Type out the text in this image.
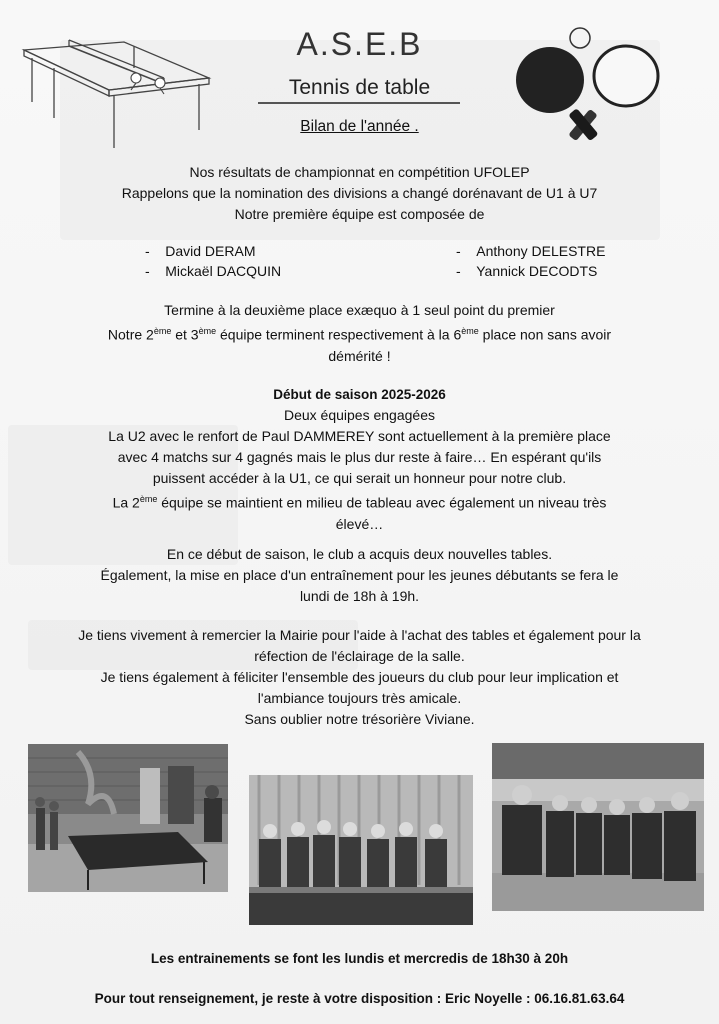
A.S.E.B
Tennis de table
Bilan de l'année .

Nos résultats de championnat en compétition UFOLEP

Rappelons que la nomination des divisions a changé dorénavant de U1 à U7

Notre première équipe est composée de

- David DERAM
- Mickaël DACQUIN
- Anthony DELESTRE
- Yannick DECODTS

Termine à la deuxième place exæquo à 1 seul point du premier

Notre 2ème et 3ème équipe terminent respectivement à la 6ème place non sans avoir

démérité !

Début de saison 2025-2026

Deux équipes engagées

La U2 avec le renfort de Paul DAMMEREY sont actuellement à la première place

avec 4 matchs sur 4 gagnés mais le plus dur reste à faire… En espérant qu'ils

puissent accéder à la U1, ce qui serait un honneur pour notre club.

La 2ème équipe se maintient en milieu de tableau avec également un niveau très

élevé…

En ce début de saison, le club a acquis deux nouvelles tables.

Également, la mise en place d'un entraînement pour les jeunes débutants se fera le

lundi de 18h à 19h.

Je tiens vivement à remercier la Mairie pour l'aide à l'achat des tables et également pour la

réfection de l'éclairage de la salle.

Je tiens également à féliciter l'ensemble des joueurs du club pour leur implication et

l'ambiance toujours très amicale.

Sans oublier notre trésorière Viviane.

Les entrainements se font les lundis et mercredis de 18h30 à 20h
Pour tout renseignement, je reste à votre disposition : Eric Noyelle : 06.16.81.63.64
